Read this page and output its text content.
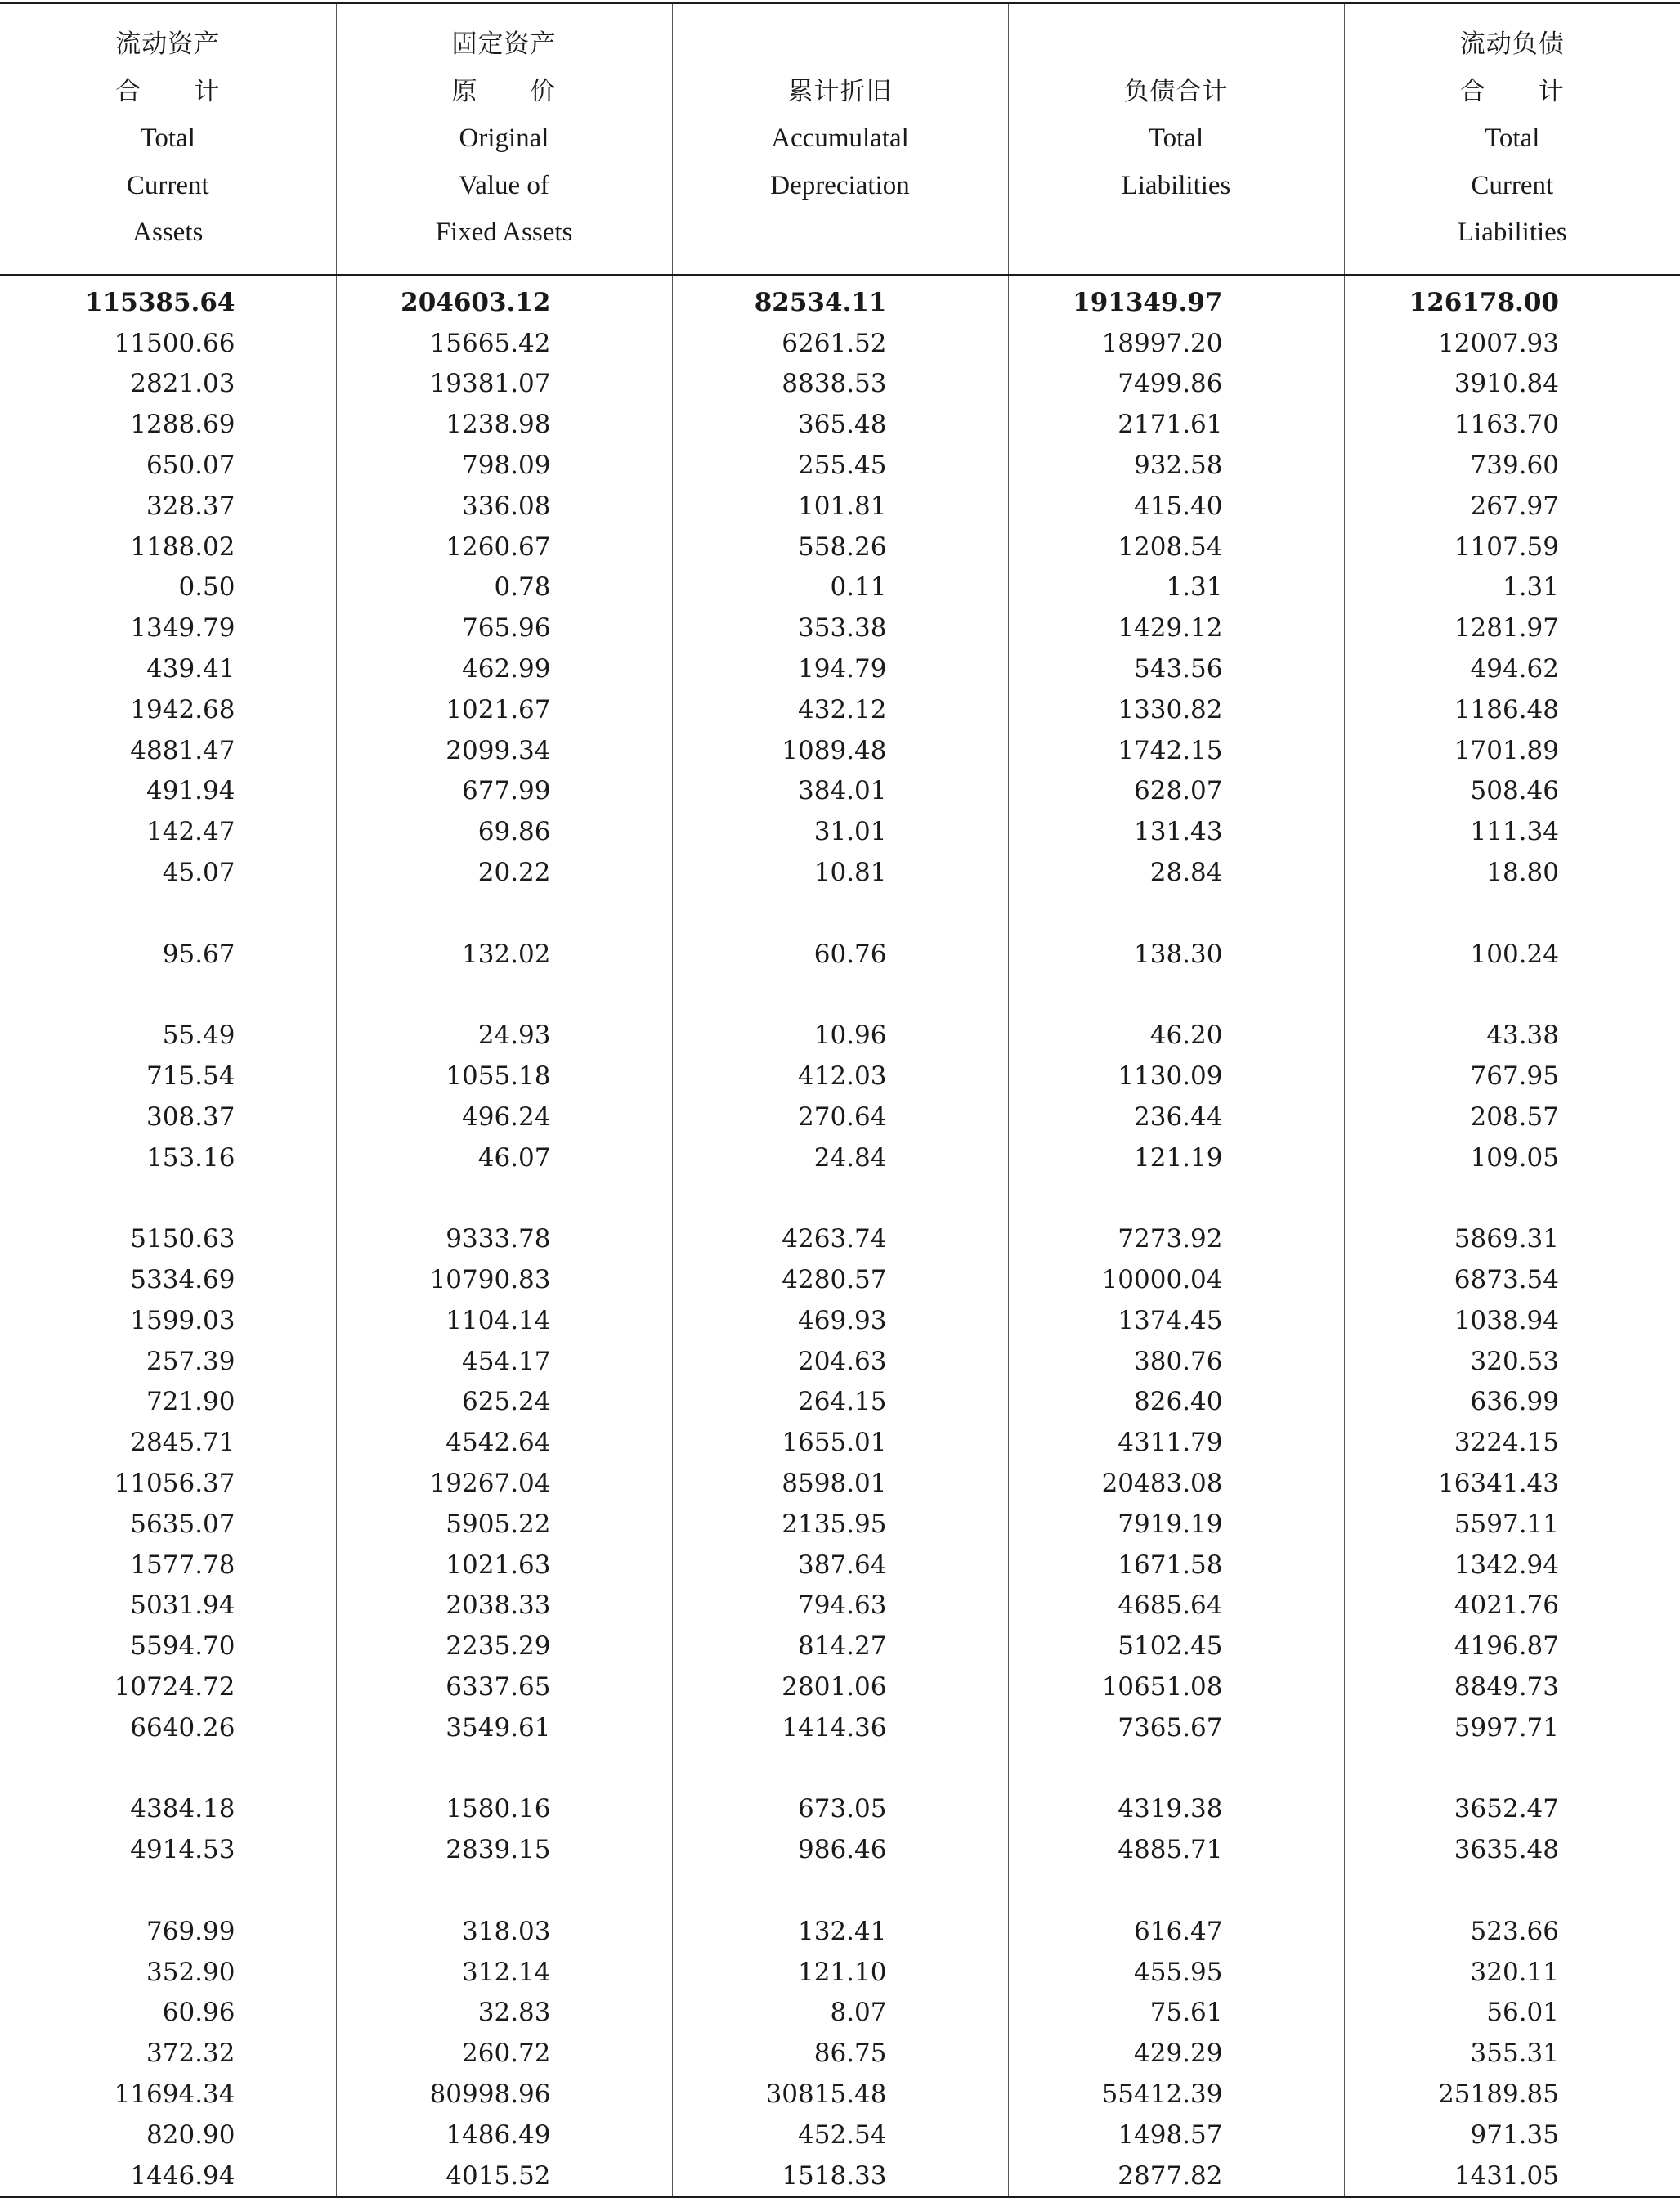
流动资产
合　　计
Total
Current
Assets	固定资产
原　　价
Original
Value of
Fixed Assets	累计折旧
Accumulatal
Depreciation	负债合计
Total
Liabilities	流动负债
合　　计
Total
Current
Liabilities

115385.64	204603.12	82534.11	191349.97	126178.00
11500.66	15665.42	6261.52	18997.20	12007.93
2821.03	19381.07	8838.53	7499.86	3910.84
1288.69	1238.98	365.48	2171.61	1163.70
650.07	798.09	255.45	932.58	739.60
328.37	336.08	101.81	415.40	267.97
1188.02	1260.67	558.26	1208.54	1107.59
0.50	0.78	0.11	1.31	1.31
1349.79	765.96	353.38	1429.12	1281.97
439.41	462.99	194.79	543.56	494.62
1942.68	1021.67	432.12	1330.82	1186.48
4881.47	2099.34	1089.48	1742.15	1701.89
491.94	677.99	384.01	628.07	508.46
142.47	69.86	31.01	131.43	111.34
45.07	20.22	10.81	28.84	18.80

95.67	132.02	60.76	138.30	100.24

55.49	24.93	10.96	46.20	43.38
715.54	1055.18	412.03	1130.09	767.95
308.37	496.24	270.64	236.44	208.57
153.16	46.07	24.84	121.19	109.05

5150.63	9333.78	4263.74	7273.92	5869.31
5334.69	10790.83	4280.57	10000.04	6873.54
1599.03	1104.14	469.93	1374.45	1038.94
257.39	454.17	204.63	380.76	320.53
721.90	625.24	264.15	826.40	636.99
2845.71	4542.64	1655.01	4311.79	3224.15
11056.37	19267.04	8598.01	20483.08	16341.43
5635.07	5905.22	2135.95	7919.19	5597.11
1577.78	1021.63	387.64	1671.58	1342.94
5031.94	2038.33	794.63	4685.64	4021.76
5594.70	2235.29	814.27	5102.45	4196.87
10724.72	6337.65	2801.06	10651.08	8849.73
6640.26	3549.61	1414.36	7365.67	5997.71

4384.18	1580.16	673.05	4319.38	3652.47
4914.53	2839.15	986.46	4885.71	3635.48

769.99	318.03	132.41	616.47	523.66
352.90	312.14	121.10	455.95	320.11
60.96	32.83	8.07	75.61	56.01
372.32	260.72	86.75	429.29	355.31
11694.34	80998.96	30815.48	55412.39	25189.85
820.90	1486.49	452.54	1498.57	971.35
1446.94	4015.52	1518.33	2877.82	1431.05
